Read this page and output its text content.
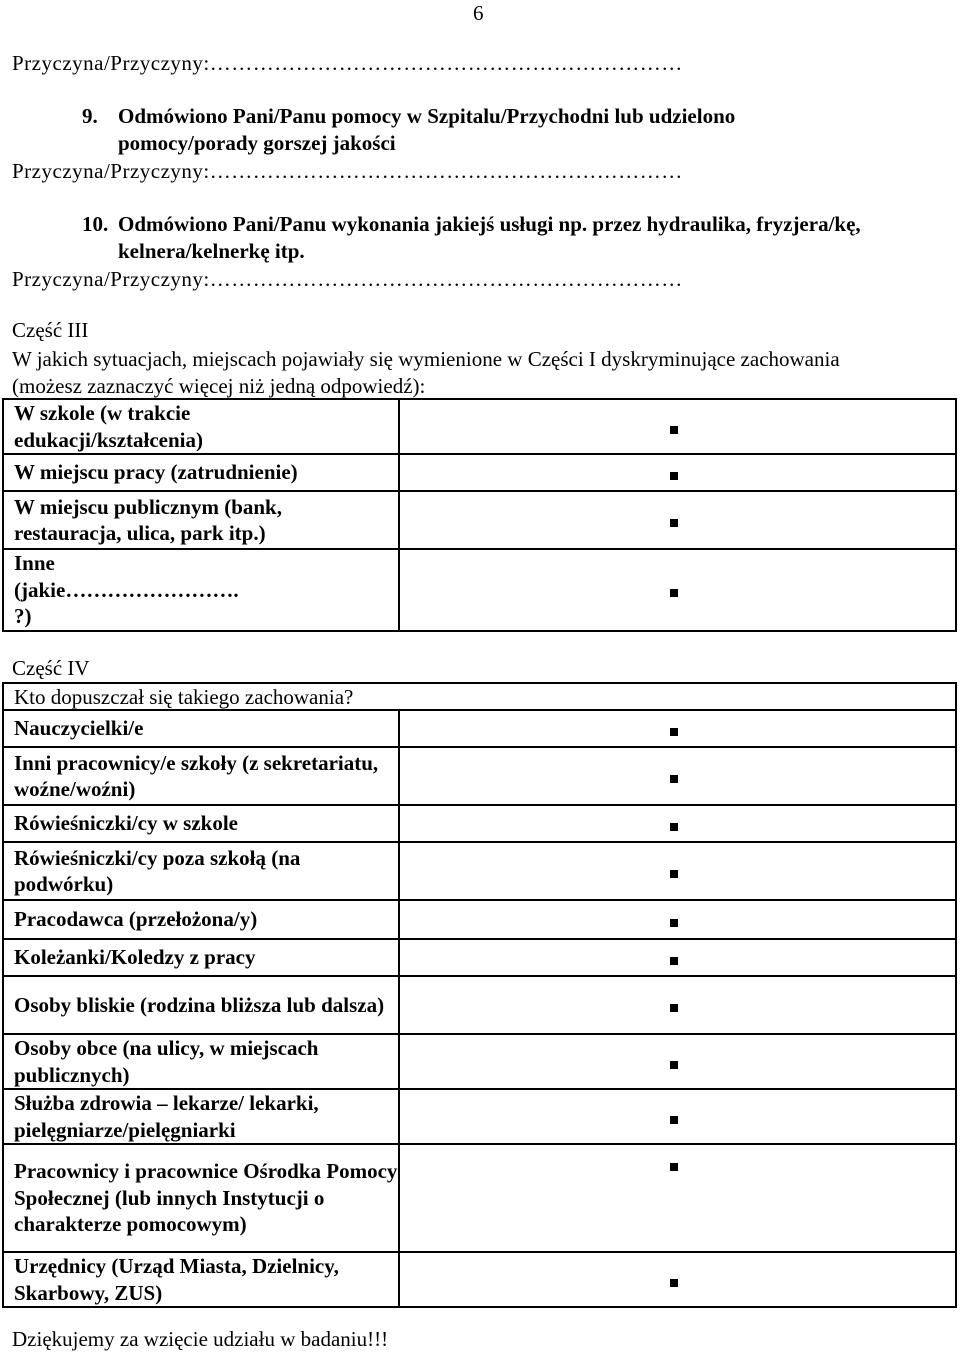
6
Przyczyna/Przyczyny:…………………………………………………………
9. Odmówiono Pani/Panu pomocy w Szpitalu/Przychodni lub udzielono
pomocy/porady gorszej jakości
Przyczyna/Przyczyny:…………………………………………………………
10. Odmówiono Pani/Panu wykonania jakiejś usługi np. przez hydraulika, fryzjera/kę,
kelnera/kelnerkę itp.
Przyczyna/Przyczyny:…………………………………………………………
Część III
W jakich sytuacjach, miejscach pojawiały się wymienione w Części I dyskryminujące zachowania
(możesz zaznaczyć więcej niż jedną odpowiedź):
W szkole (w trakcie
edukacji/kształcenia)	

W miejscu pracy (zatrudnienie)	

W miejscu publicznym (bank,
restauracja, ulica, park itp.)	

Inne
(jakie…………………….
?)	
Część IV
Kto dopuszczał się takiego zachowania?	
Nauczycielki/e	

Inni pracownicy/e szkoły (z sekretariatu, woźne/woźni)	

Rówieśniczki/cy w szkole	

Rówieśniczki/cy poza szkołą (na podwórku)	

Pracodawca (przełożona/y)	

Koleżanki/Koledzy z pracy	

Osoby bliskie (rodzina bliższa lub dalsza)	

Osoby obce (na ulicy, w miejscach publicznych)	

Służba zdrowia – lekarze/ lekarki, pielęgniarze/pielęgniarki	

Pracownicy i pracownice Ośrodka Pomocy Społecznej (lub innych Instytucji o charakterze pomocowym)	

Urzędnicy (Urząd Miasta, Dzielnicy, Skarbowy, ZUS)	
Dziękujemy za wzięcie udziału w badaniu!!!
